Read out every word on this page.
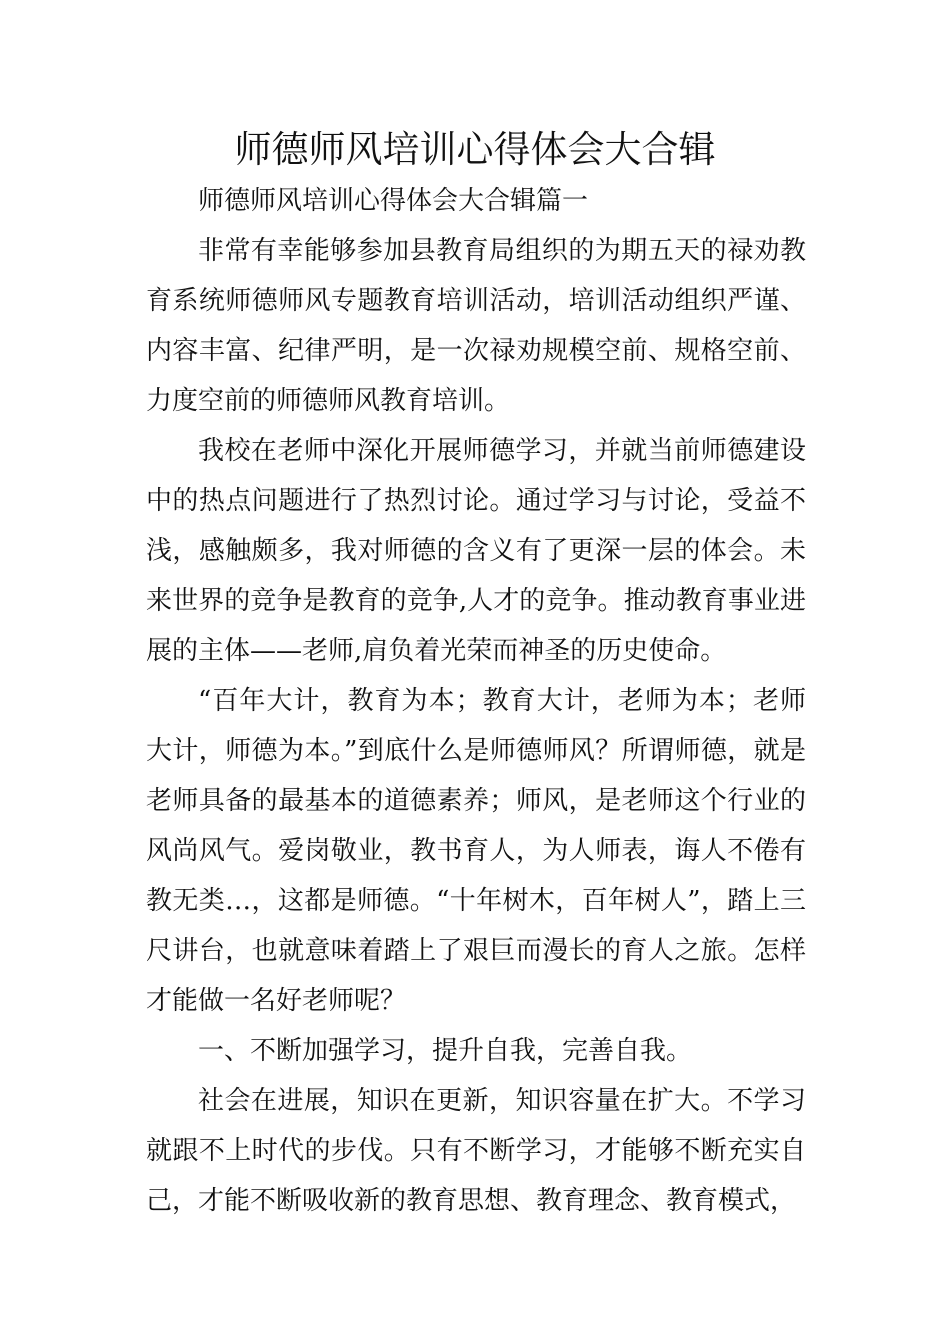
师德师风培训心得体会大合辑

师德师风培训心得体会大合辑篇一

非常有幸能够参加县教育局组织的为期五天的禄劝教育系统师德师风专题教育培训活动，培训活动组织严谨、内容丰富、纪律严明，是一次禄劝规模空前、规格空前、力度空前的师德师风教育培训。

我校在老师中深化开展师德学习，并就当前师德建设中的热点问题进行了热烈讨论。通过学习与讨论，受益不浅，感触颇多，我对师德的含义有了更深一层的体会。未来世界的竞争是教育的竞争,人才的竞争。推动教育事业进展的主体——老师,肩负着光荣而神圣的历史使命。

“百年大计，教育为本；教育大计，老师为本；老师大计，师德为本。”到底什么是师德师风？所谓师德，就是老师具备的最基本的道德素养；师风，是老师这个行业的风尚风气。爱岗敬业，教书育人，为人师表，诲人不倦有教无类…，这都是师德。“十年树木，百年树人”，踏上三尺讲台，也就意味着踏上了艰巨而漫长的育人之旅。怎样才能做一名好老师呢？

一、不断加强学习，提升自我，完善自我。

社会在进展，知识在更新，知识容量在扩大。不学习就跟不上时代的步伐。只有不断学习，才能够不断充实自己，才能不断吸收新的教育思想、教育理念、教育模式，
